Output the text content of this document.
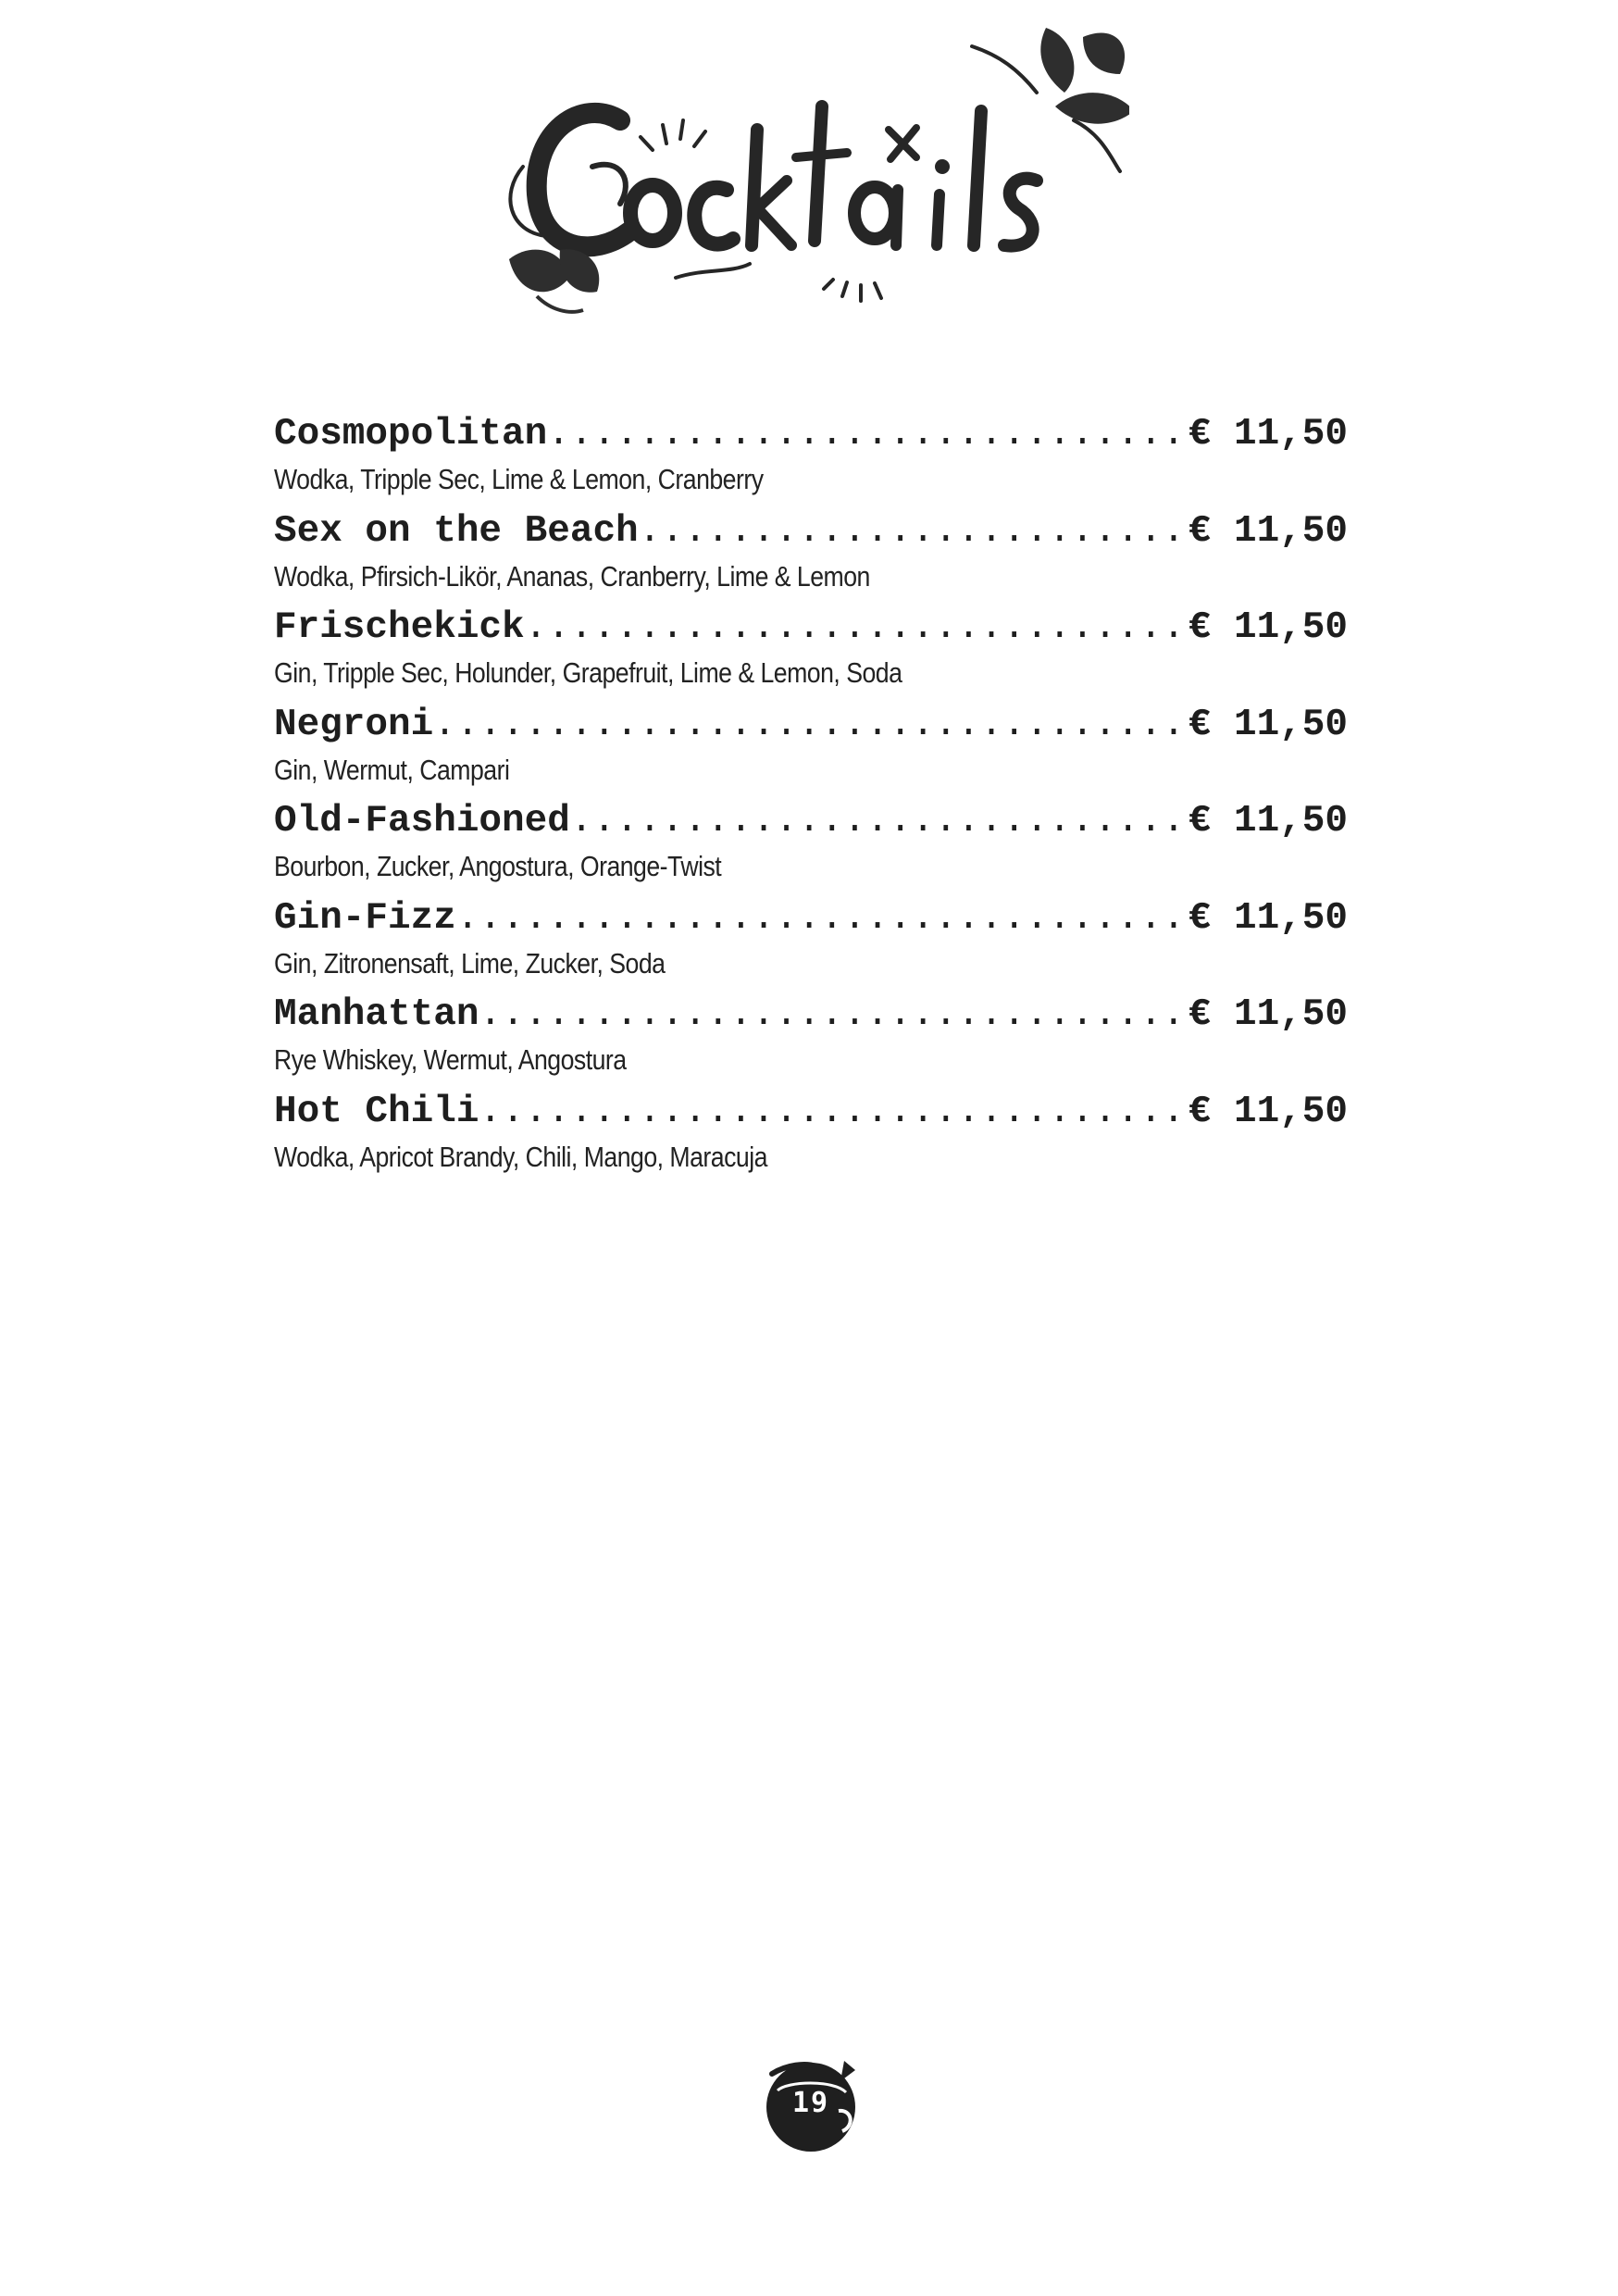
Cosmopolitan .....	€ 11,50
Wodka, Tripple Sec, Lime & Lemon, Cranberry
Sex on the Beach .....	€ 11,50
Wodka, Pfirsich-Likör, Ananas, Cranberry, Lime & Lemon
Frischekick .....	€ 11,50
Gin, Tripple Sec, Holunder, Grapefruit, Lime & Lemon, Soda
Negroni .....	€ 11,50
Gin, Wermut, Campari
Old-Fashioned .....	€ 11,50
Bourbon, Zucker, Angostura, Orange-Twist
Gin-Fizz .....	€ 11,50
Gin, Zitronensaft, Lime, Zucker, Soda
Manhattan .....	€ 11,50
Rye Whiskey, Wermut, Angostura
Hot Chili .....	€ 11,50
Wodka, Apricot Brandy, Chili, Mango, Maracuja
19
